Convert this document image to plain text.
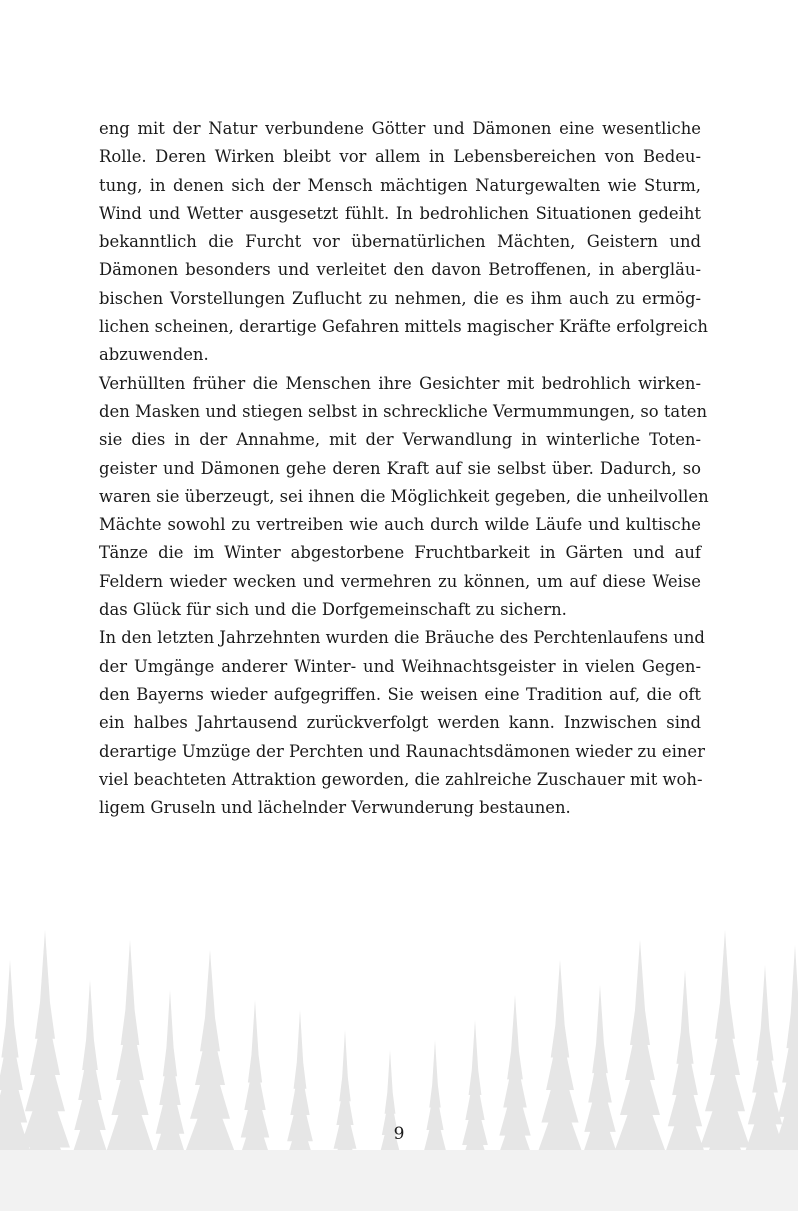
eng mit der Natur verbundene Götter und Dämonen eine wesentliche
Rolle. Deren Wirken bleibt vor allem in Lebensbereichen von Bedeu-
tung, in denen sich der Mensch mächtigen Naturgewalten wie Sturm,
Wind und Wetter ausgesetzt fühlt. In bedrohlichen Situationen gedeiht
bekanntlich die Furcht vor übernatürlichen Mächten, Geistern und
Dämonen besonders und verleitet den davon Betroffenen, in abergläu-
bischen Vorstellungen Zuflucht zu nehmen, die es ihm auch zu ermög-
lichen scheinen, derartige Gefahren mittels magischer Kräfte erfolgreich
abzuwenden.
Verhüllten früher die Menschen ihre Gesichter mit bedrohlich wirken-
den Masken und stiegen selbst in schreckliche Vermummungen, so taten
sie dies in der Annahme, mit der Verwandlung in winterliche Toten-
geister und Dämonen gehe deren Kraft auf sie selbst über. Dadurch, so
waren sie überzeugt, sei ihnen die Möglichkeit gegeben, die unheilvollen
Mächte sowohl zu vertreiben wie auch durch wilde Läufe und kultische
Tänze die im Winter abgestorbene Fruchtbarkeit in Gärten und auf
Feldern wieder wecken und vermehren zu können, um auf diese Weise
das Glück für sich und die Dorfgemeinschaft zu sichern.
In den letzten Jahrzehnten wurden die Bräuche des Perchtenlaufens und
der Umgänge anderer Winter- und Weihnachtsgeister in vielen Gegen-
den Bayerns wieder aufgegriffen. Sie weisen eine Tradition auf, die oft
ein halbes Jahrtausend zurückverfolgt werden kann. Inzwischen sind
derartige Umzüge der Perchten und Raunachtsdämonen wieder zu einer
viel beachteten Attraktion geworden, die zahlreiche Zuschauer mit woh-
ligem Gruseln und lächelnder Verwunderung bestaunen.
9
